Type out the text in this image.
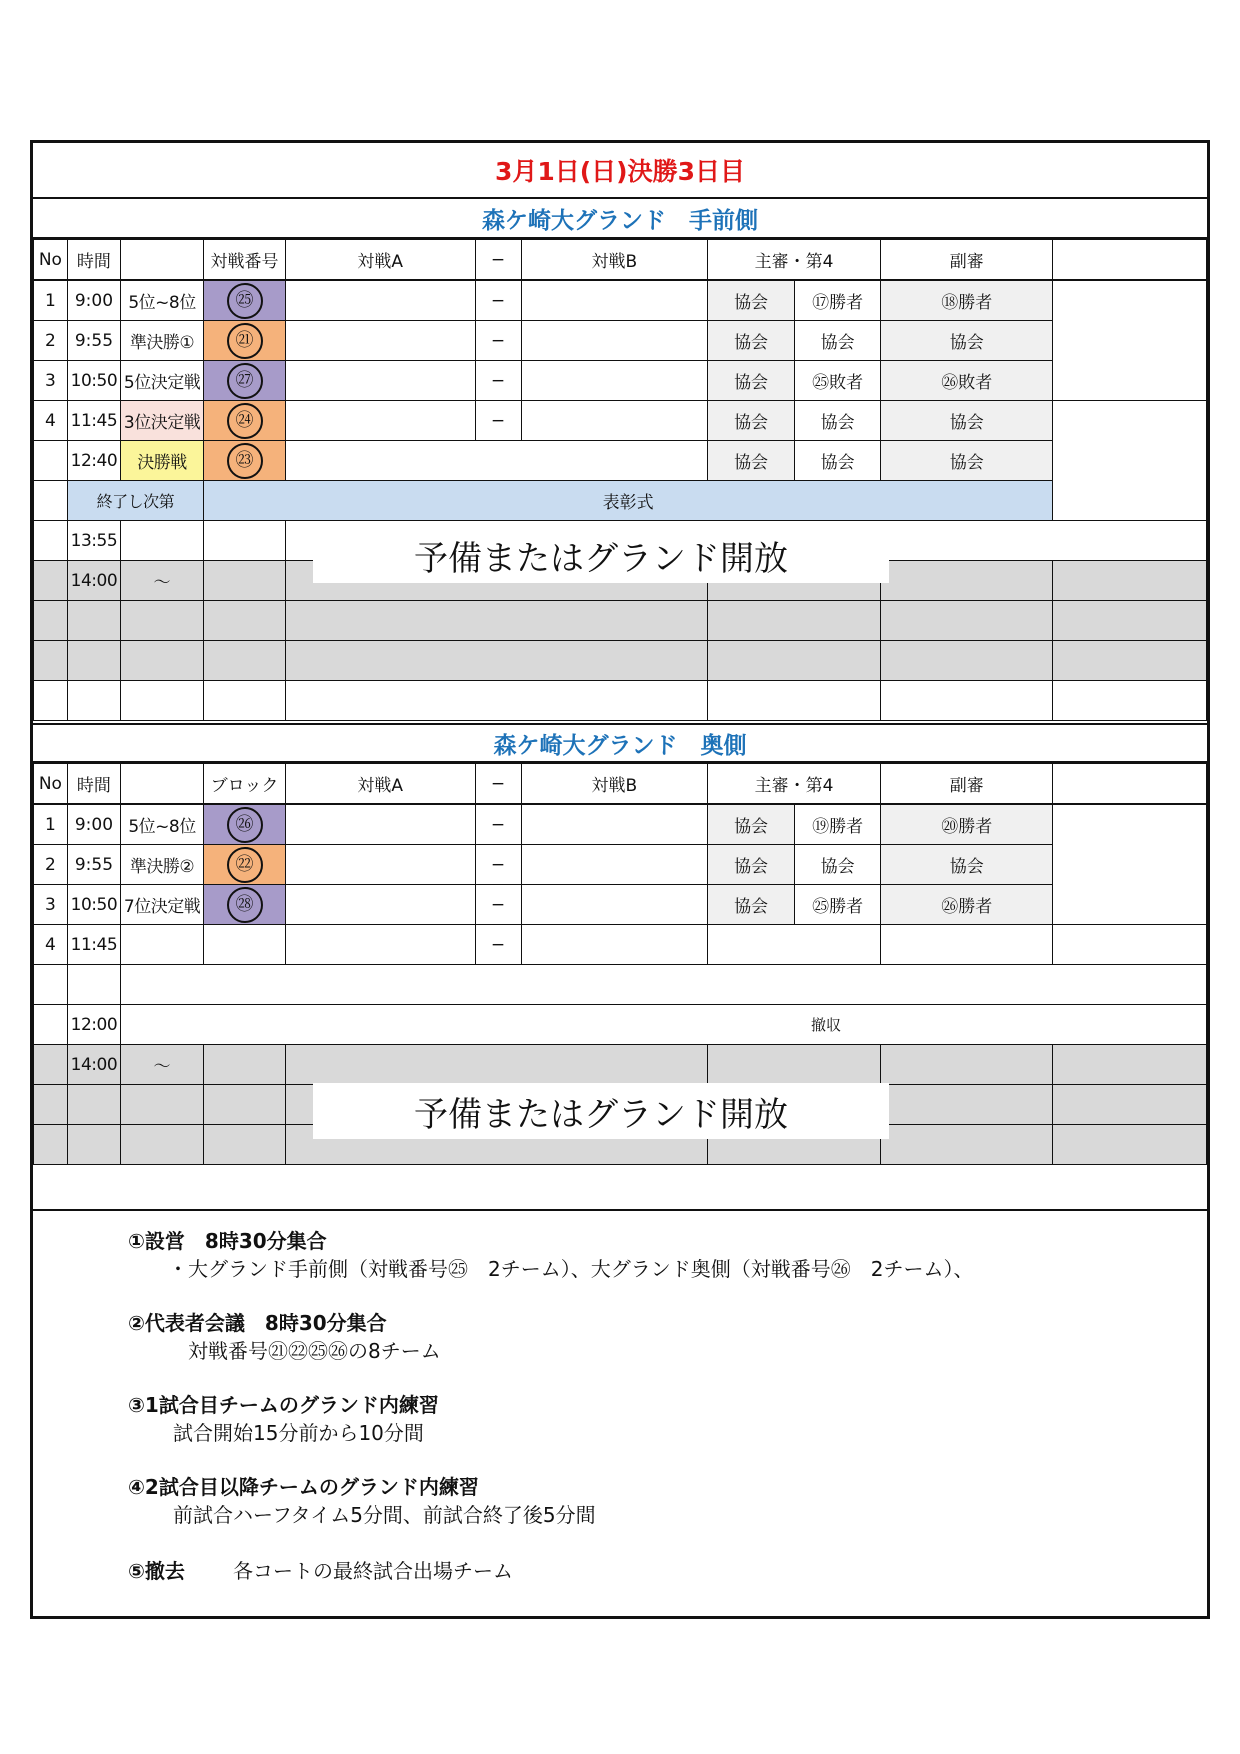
3月1日(日)決勝3日目
森ケ崎大グランド　手前側
No	時間		対戦番号	対戦A	−	対戦B	主審・第4		副審	
1	9:00	5位~8位	㉕		−		協会	⑰勝者	⑱勝者	
2	9:55	準決勝①	㉑		−		協会	協会	協会	
3	10:50	5位決定戦	㉗		−		協会	㉕敗者	㉖敗者	
4	11:45	3位決定戦	㉔		−		協会	協会	協会	
	12:40	決勝戦	㉓				協会	協会	協会	
	終了し次第		表彰式							
	13:55			
	14:00	〜								

予備またはグランド開放
森ケ崎大グランド　奥側
No	時間		ブロック	対戦A	−	対戦B	主審・第4		副審	
1	9:00	5位~8位	㉖		−		協会	⑲勝者	⑳勝者	
2	9:55	準決勝②	㉒		−		協会	協会	協会	
3	10:50	7位決定戦	㉘		−		協会	㉕勝者	㉖勝者	
4	11:45				−					

	12:00	撤収								
	14:00	〜								

予備またはグランド開放
①設営　8時30分集合
・大グランド手前側（対戦番号㉕　2チーム）、大グランド奥側（対戦番号㉖　2チーム）、
②代表者会議　8時30分集合
対戦番号㉑㉒㉕㉖の8チーム
③1試合目チームのグランド内練習
試合開始15分前から10分間
④2試合目以降チームのグランド内練習
前試合ハーフタイム5分間、前試合終了後5分間
⑤撤去 各コートの最終試合出場チーム
